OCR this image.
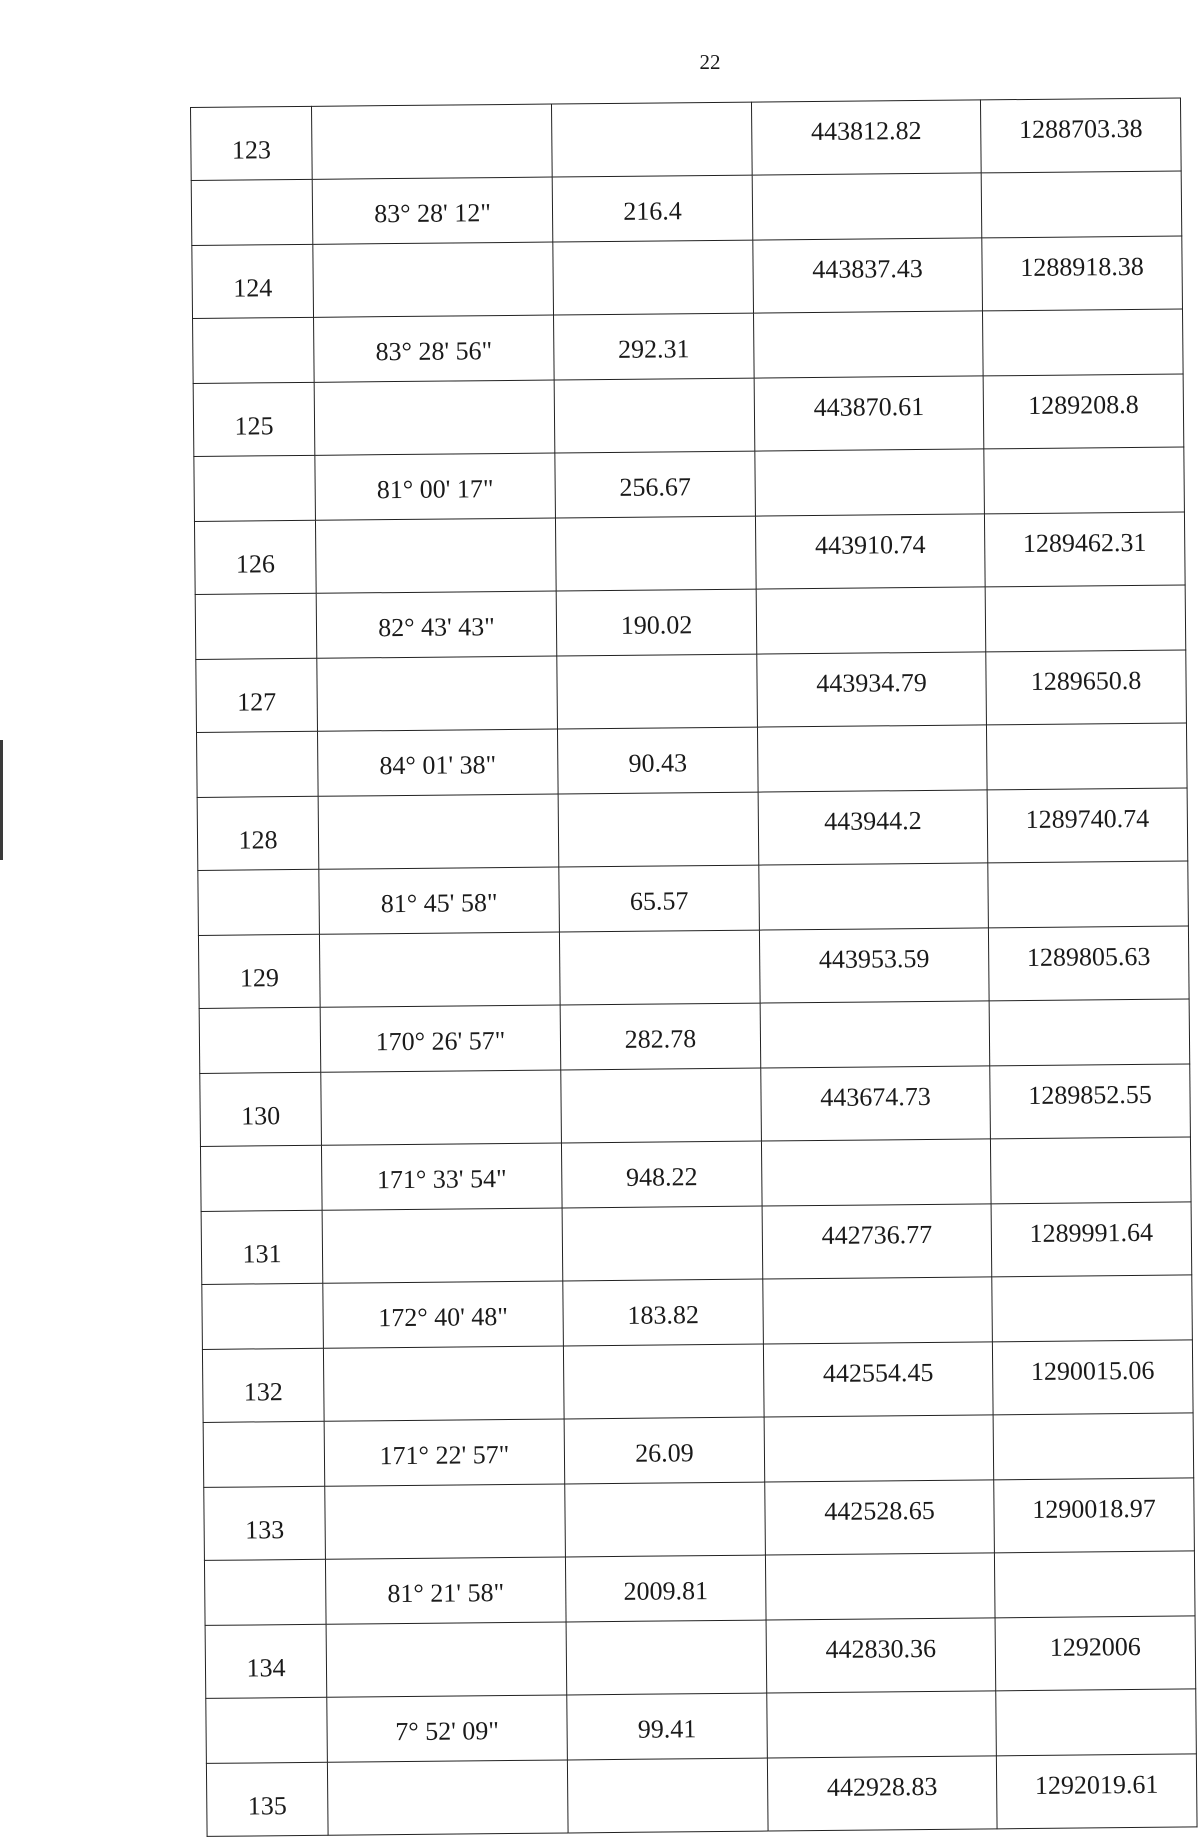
22
123			443812.82	1288703.38
	83° 28' 12"	216.4		
124			443837.43	1288918.38
	83° 28' 56"	292.31		
125			443870.61	1289208.8
	81° 00' 17"	256.67		
126			443910.74	1289462.31
	82° 43' 43"	190.02		
127			443934.79	1289650.8
	84° 01' 38"	90.43		
128			443944.2	1289740.74
	81° 45' 58"	65.57		
129			443953.59	1289805.63
	170° 26' 57"	282.78		
130			443674.73	1289852.55
	171° 33' 54"	948.22		
131			442736.77	1289991.64
	172° 40' 48"	183.82		
132			442554.45	1290015.06
	171° 22' 57"	26.09		
133			442528.65	1290018.97
	81° 21' 58"	2009.81		
134			442830.36	1292006
	7° 52' 09"	99.41		
135			442928.83	1292019.61
